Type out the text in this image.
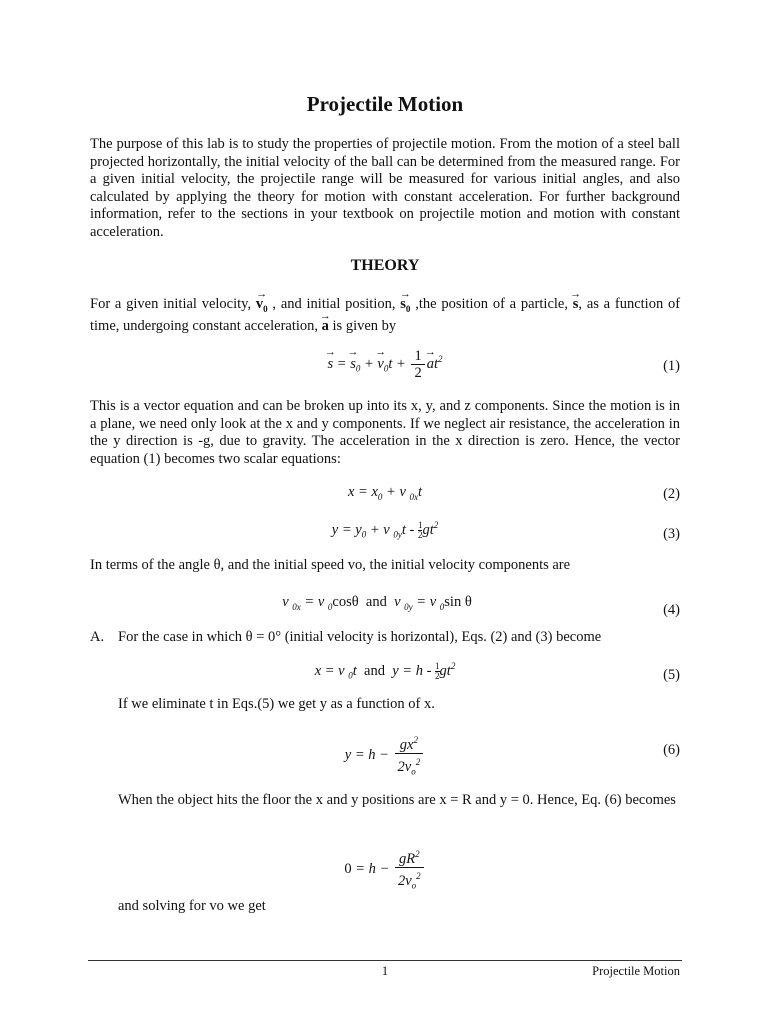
Projectile Motion

The purpose of this lab is to study the properties of projectile motion. From the motion of a steel ball projected horizontally, the initial velocity of the ball can be determined from the measured range. For a given initial velocity, the projectile range will be measured for various initial angles, and also calculated by applying the theory for motion with constant acceleration. For further background information, refer to the sections in your textbook on projectile motion and motion with constant acceleration.

THEORY

For a given initial velocity, → $v_0$ , and initial position, → $s_0$ ,the position of a particle, → s, as a function of time, undergoing constant acceleration, → a is given by

→ s = → $s_0$ + → $v_0t + \frac{1}{2}$
→ $at^2$	(1)

This is a vector equation and can be broken up into its x, y, and z components. Since the motion is in a plane, we need only look at the x and y components. If we neglect air resistance, the acceleration in the y direction is -g, due to gravity. The acceleration in the x direction is zero. Hence, the vector equation (1) becomes two scalar equations:

$x = x_0 + v$ $_{0x}$t	(2)
$y = y_0 + v$ $_{0y}t - \frac{1}{2}gt^2$
(3)

In terms of the angle θ, and the initial speed vo, the initial velocity components are

v $_{0x}$ = v $_0$cosθ and v $_{0y}$ = v $_0$sin θ	(4)
A. For the case in which θ = 0° (initial velocity is horizontal), Eqs. (2) and (3) become
x = v $_0$t and $y = h - \frac{1}{2}gt^2$
(5)

If we eliminate t in Eqs.(5) we get y as a function of x.

$y = h - \frac{gx^2}{2v_o^2}$	(6)

When the object hits the floor the x and y positions are x = R and y = 0. Hence, Eq. (6) becomes

$0 = h - \frac{gR^2}{2v_o^2}$

and solving for vo we get

1	Projectile Motion
